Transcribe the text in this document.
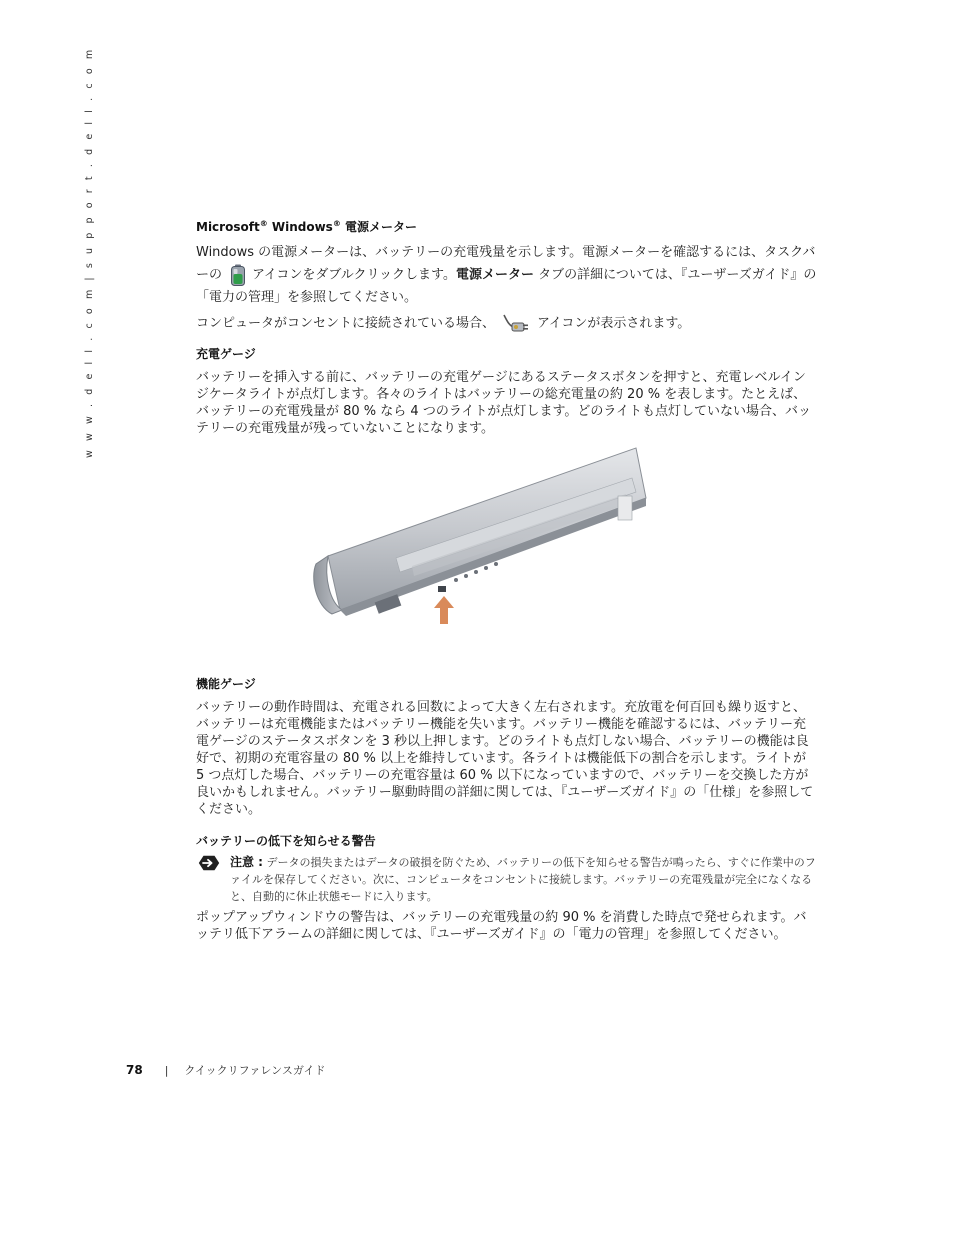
w w w . d e l l . c o m | s u p p o r t . d e l l . c o m	Microsoft® Windows® 電源メーター

Windows の電源メーターは、バッテリーの充電残量を示します。電源メーターを確認するには、タスクバーの アイコンをダブルクリックします。電源メーター タブの詳細については、『ユーザーズガイド』の「電力の管理」を参照してください。

コンピュータがコンセントに接続されている場合、	アイコンが表示されます。

充電ゲージ

バッテリーを挿入する前に、バッテリーの充電ゲージにあるステータスボタンを押すと、充電レベルインジケータライトが点灯します。各々のライトはバッテリーの総充電量の約 20 % を表します。たとえば、バッテリーの充電残量が 80 % なら 4 つのライトが点灯します。どのライトも点灯していない場合、バッテリーの充電残量が残っていないことになります。

機能ゲージ

バッテリーの動作時間は、充電される回数によって大きく左右されます。充放電を何百回も繰り返すと、バッテリーは充電機能またはバッテリー機能を失います。バッテリー機能を確認するには、バッテリー充電ゲージのステータスボタンを 3 秒以上押します。どのライトも点灯しない場合、バッテリーの機能は良好で、初期の充電容量の 80 % 以上を維持しています。各ライトは機能低下の割合を示します。ライトが 5 つ点灯した場合、バッテリーの充電容量は 60 % 以下になっていますので、バッテリーを交換した方が良いかもしれません。バッテリー駆動時間の詳細に関しては、『ユーザーズガイド』の「仕様」を参照してください。

バッテリーの低下を知らせる警告

注意 : データの損失またはデータの破損を防ぐため、バッテリーの低下を知らせる警告が鳴ったら、すぐに作業中のファイルを保存してください。次に、コンピュータをコンセントに接続します。バッテリーの充電残量が完全になくなると、自動的に休止状態モードに入ります。

ポップアップウィンドウの警告は、バッテリーの充電残量の約 90 % を消費した時点で発せられます。バッテリ低下アラームの詳細に関しては、『ユーザーズガイド』の「電力の管理」を参照してください。

78 | クイックリファレンスガイド
